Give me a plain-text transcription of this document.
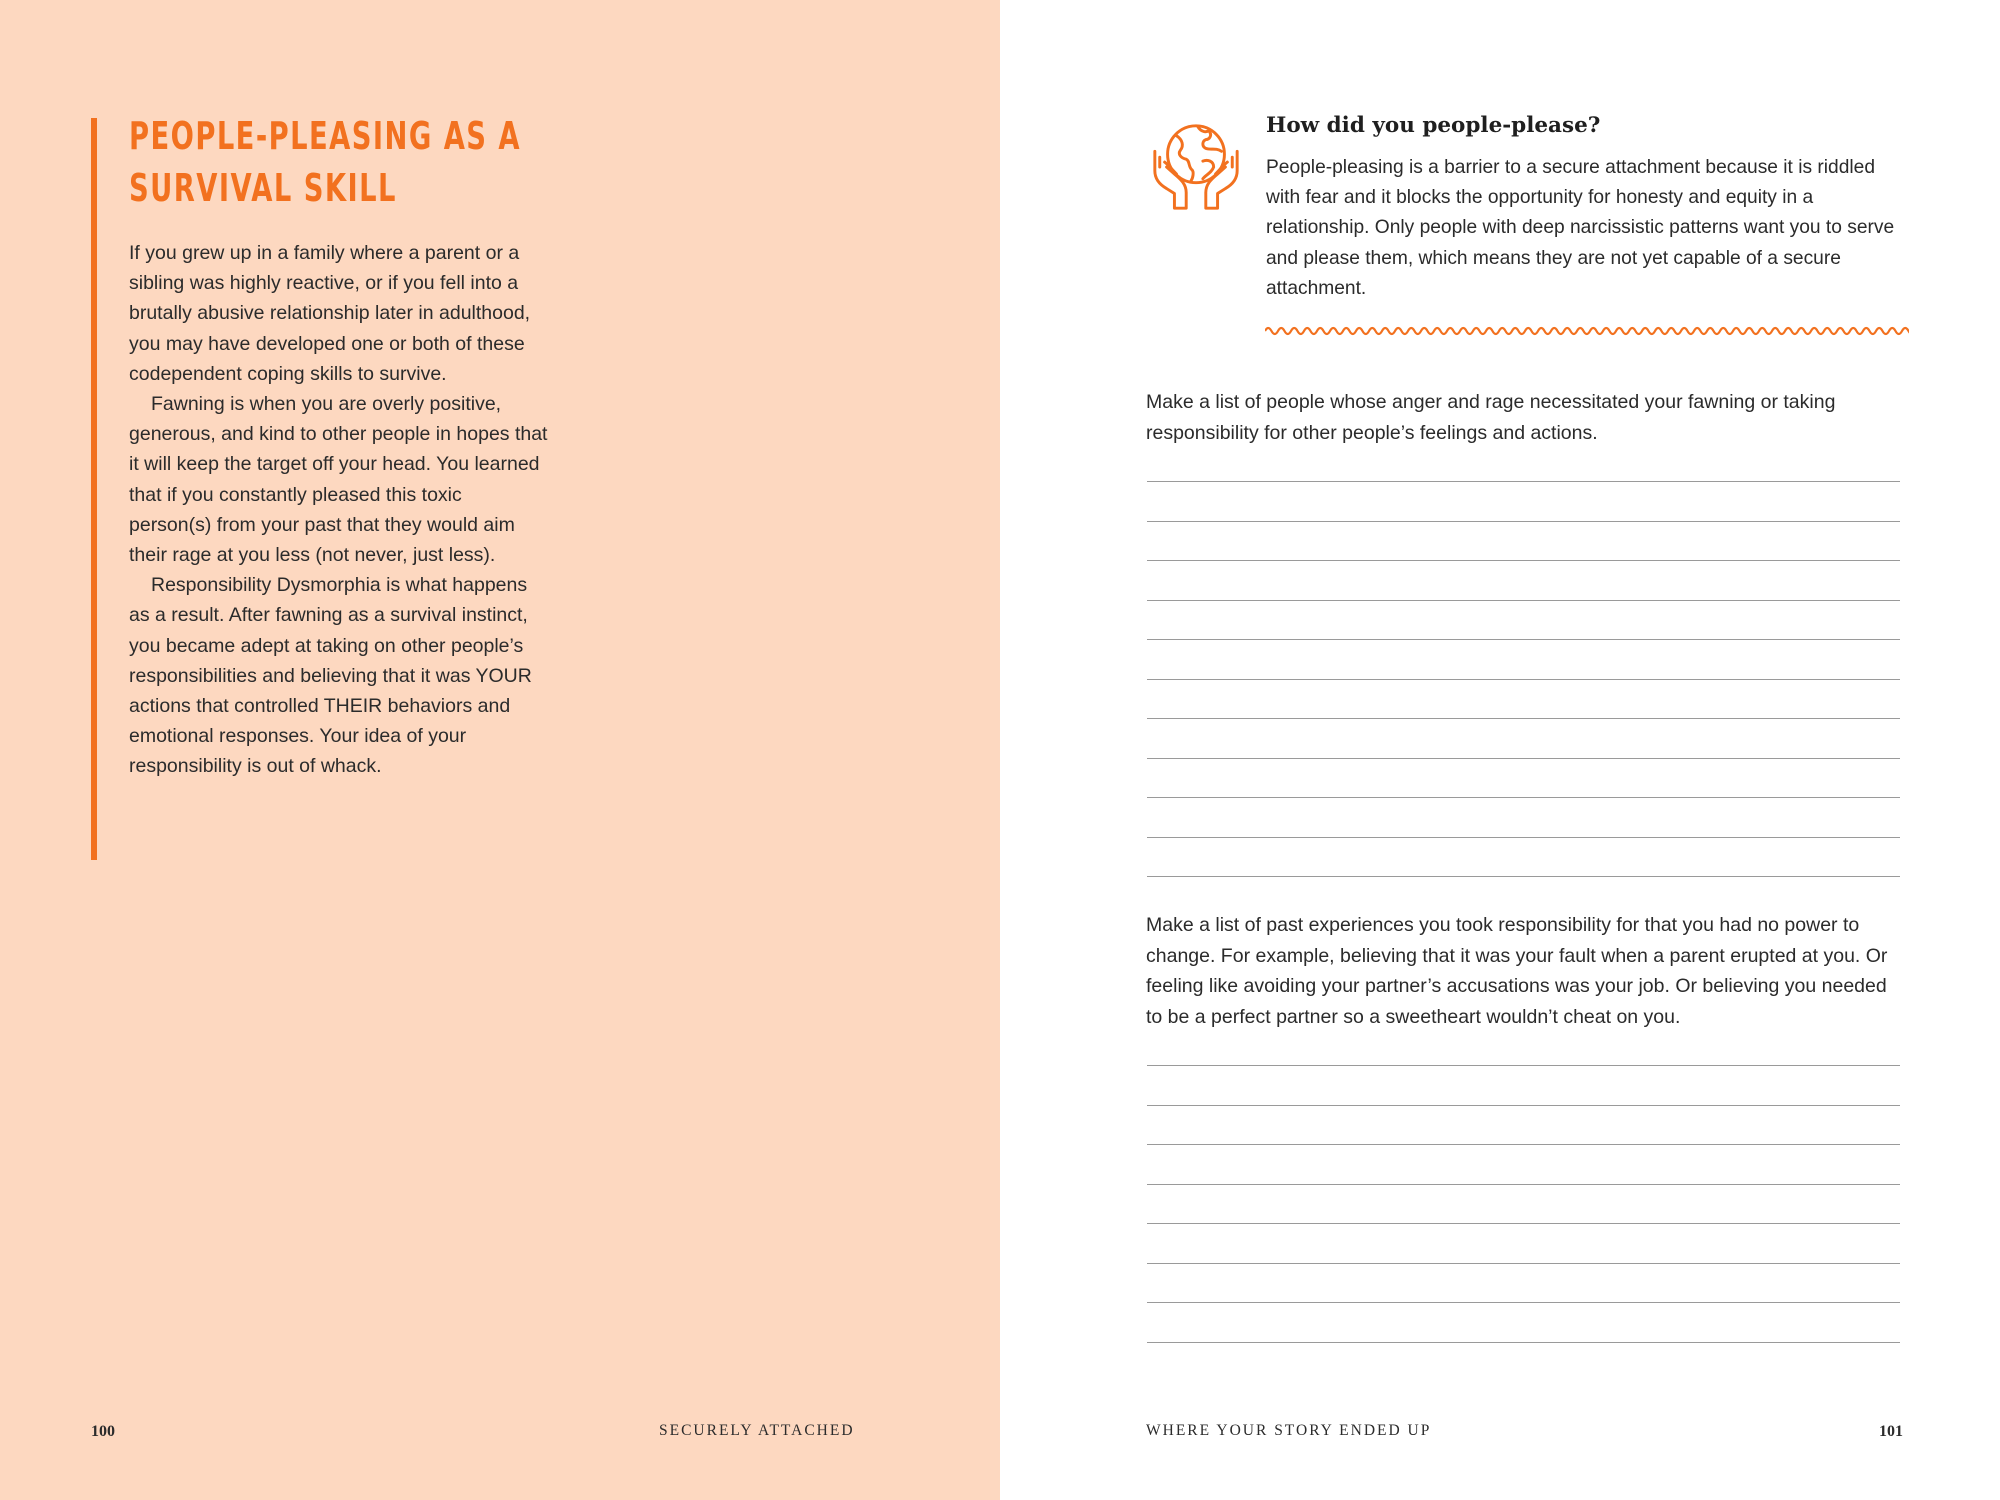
PEOPLE-PLEASING AS A
SURVIVAL SKILL

If you grew up in a family where a parent or a sibling was highly reactive, or if you fell into a brutally abusive relationship later in adulthood, you may have developed one or both of these codependent coping skills to survive.

Fawning is when you are overly positive, generous, and kind to other people in hopes that it will keep the target off your head. You learned that if you constantly pleased this toxic person(s) from your past that they would aim their rage at you less (not never, just less).

Responsibility Dysmorphia is what happens as a result. After fawning as a survival instinct, you became adept at taking on other people’s responsibilities and believing that it was YOUR actions that controlled THEIR behaviors and emotional responses. Your idea of your responsibility is out of whack.

100	SECURELY ATTACHED
How did you people-please?

People-pleasing is a barrier to a secure attachment because it is riddled with fear and it blocks the opportunity for honesty and equity in a relationship. Only people with deep narcissistic patterns want you to serve and please them, which means they are not yet capable of a secure attachment.

Make a list of people whose anger and rage necessitated your fawning or taking responsibility for other people’s feelings and actions.

Make a list of past experiences you took responsibility for that you had no power to change. For example, believing that it was your fault when a parent erupted at you. Or feeling like avoiding your partner’s accusations was your job. Or believing you needed to be a perfect partner so a sweetheart wouldn’t cheat on you.

WHERE YOUR STORY ENDED UP	101
